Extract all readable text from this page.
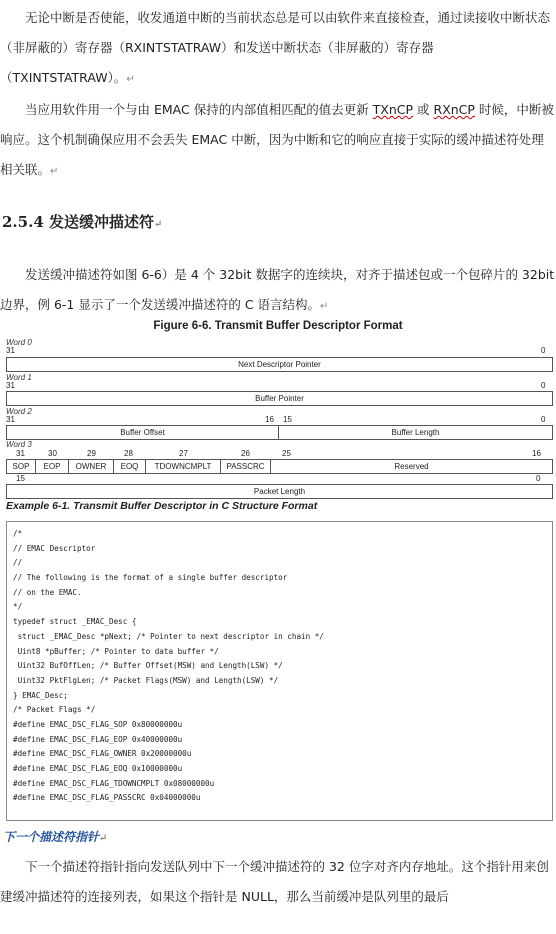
无论中断是否使能，收发通道中断的当前状态总是可以由软件来直接检查，通过读接收中断状态（非屏蔽的）寄存器（RXINTSTATRAW）和发送中断状态（非屏蔽的）寄存器（TXINTSTATRAW）。↵

当应用软件用一个与由 EMAC 保持的内部值相匹配的值去更新 TXnCP 或 RXnCP 时候，中断被响应。这个机制确保应用不会丢失 EMAC 中断，因为中断和它的响应直接于实际的缓冲描述符处理相关联。↵

2.5.4 发送缓冲描述符↵

发送缓冲描述符如图 6-6）是 4 个 32bit 数据字的连续块，对齐于描述包或一个包碎片的 32bit 边界，例 6-1 显示了一个发送缓冲描述符的 C 语言结构。↵

Figure 6-6. Transmit Buffer Descriptor Format
Word 0
31	0
Next Descriptor Pointer
Word 1
31	0
Buffer Pointer
Word 2
31	16 15	0
Buffer Offset	Buffer Length
Word 3
31	30	29	28	27	26	25	16
SOP	EOP	OWNER	EOQ	TDOWNCMPLT	PASSCRC	Reserved
15	0
Packet Length
Example 6-1. Transmit Buffer Descriptor in C Structure Format
/*
// EMAC Descriptor
//
// The following is the format of a single buffer descriptor
// on the EMAC.
*/
typedef struct _EMAC_Desc {
struct _EMAC_Desc *pNext; /* Pointer to next descriptor in chain */
Uint8 *pBuffer; /* Pointer to data buffer */
Uint32 BufOffLen; /* Buffer Offset(MSW) and Length(LSW) */
Uint32 PktFlgLen; /* Packet Flags(MSW) and Length(LSW) */
} EMAC_Desc;
/* Packet Flags */
#define EMAC_DSC_FLAG_SOP 0x80000000u
#define EMAC_DSC_FLAG_EOP 0x40000000u
#define EMAC_DSC_FLAG_OWNER 0x20000000u
#define EMAC_DSC_FLAG_EOQ 0x10000000u
#define EMAC_DSC_FLAG_TDOWNCMPLT 0x08000000u
#define EMAC_DSC_FLAG_PASSCRC 0x04000000u
下一个描述符指针↵

下一个描述符指针指向发送队列中下一个缓冲描述符的 32 位字对齐内存地址。这个指针用来创建缓冲描述符的连接列表，如果这个指针是 NULL，那么当前缓冲是队列里的最后
